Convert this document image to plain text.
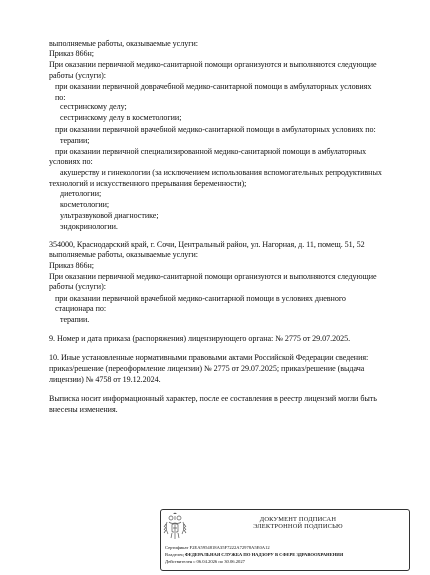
выполняемые работы, оказываемые услуги:
Приказ 866н;
При оказании первичной медико-санитарной помощи организуются и выполняются следующие
работы (услуги):
при оказании первичной доврачебной медико-санитарной помощи в амбулаторных условиях
по:
сестринскому делу;
сестринскому делу в косметологии;
при оказании первичной врачебной медико-санитарной помощи в амбулаторных условиях по:
терапии;
при оказании первичной специализированной медико-санитарной помощи в амбулаторных
условиях по:
акушерству и гинекологии (за исключением использования вспомогательных репродуктивных
технологий и искусственного прерывания беременности);
диетологии;
косметологии;
ультразвуковой диагностике;
эндокринологии.
354000, Краснодарский край, г. Сочи, Центральный район, ул. Нагорная, д. 11, помещ. 51, 52
выполняемые работы, оказываемые услуги:
Приказ 866н;
При оказании первичной медико-санитарной помощи организуются и выполняются следующие
работы (услуги):
при оказании первичной врачебной медико-санитарной помощи в условиях дневного
стационара по:
терапии.
9. Номер и дата приказа (распоряжения) лицензирующего органа: № 2775 от 29.07.2025.
10. Иные установленные нормативными правовыми актами Российской Федерации сведения:
приказ/решение (переоформление лицензии) № 2775 от 29.07.2025; приказ/решение (выдача
лицензии) № 4758 от 19.12.2024.
Выписка носит информационный характер, после ее составления в реестр лицензий могли быть
внесены изменения.
ДОКУМЕНТ ПОДПИСАН
ЭЛЕКТРОННОЙ ПОДПИСЬЮ
Сертификат F2EA5954818A35F7222A72978A5E0A12
Владелец ФЕДЕРАЛЬНАЯ СЛУЖБА ПО НАДЗОРУ В СФЕРЕ ЗДРАВООХРАНЕНИЯ
Действителен с 06.04.2026 по 30.06.2027
